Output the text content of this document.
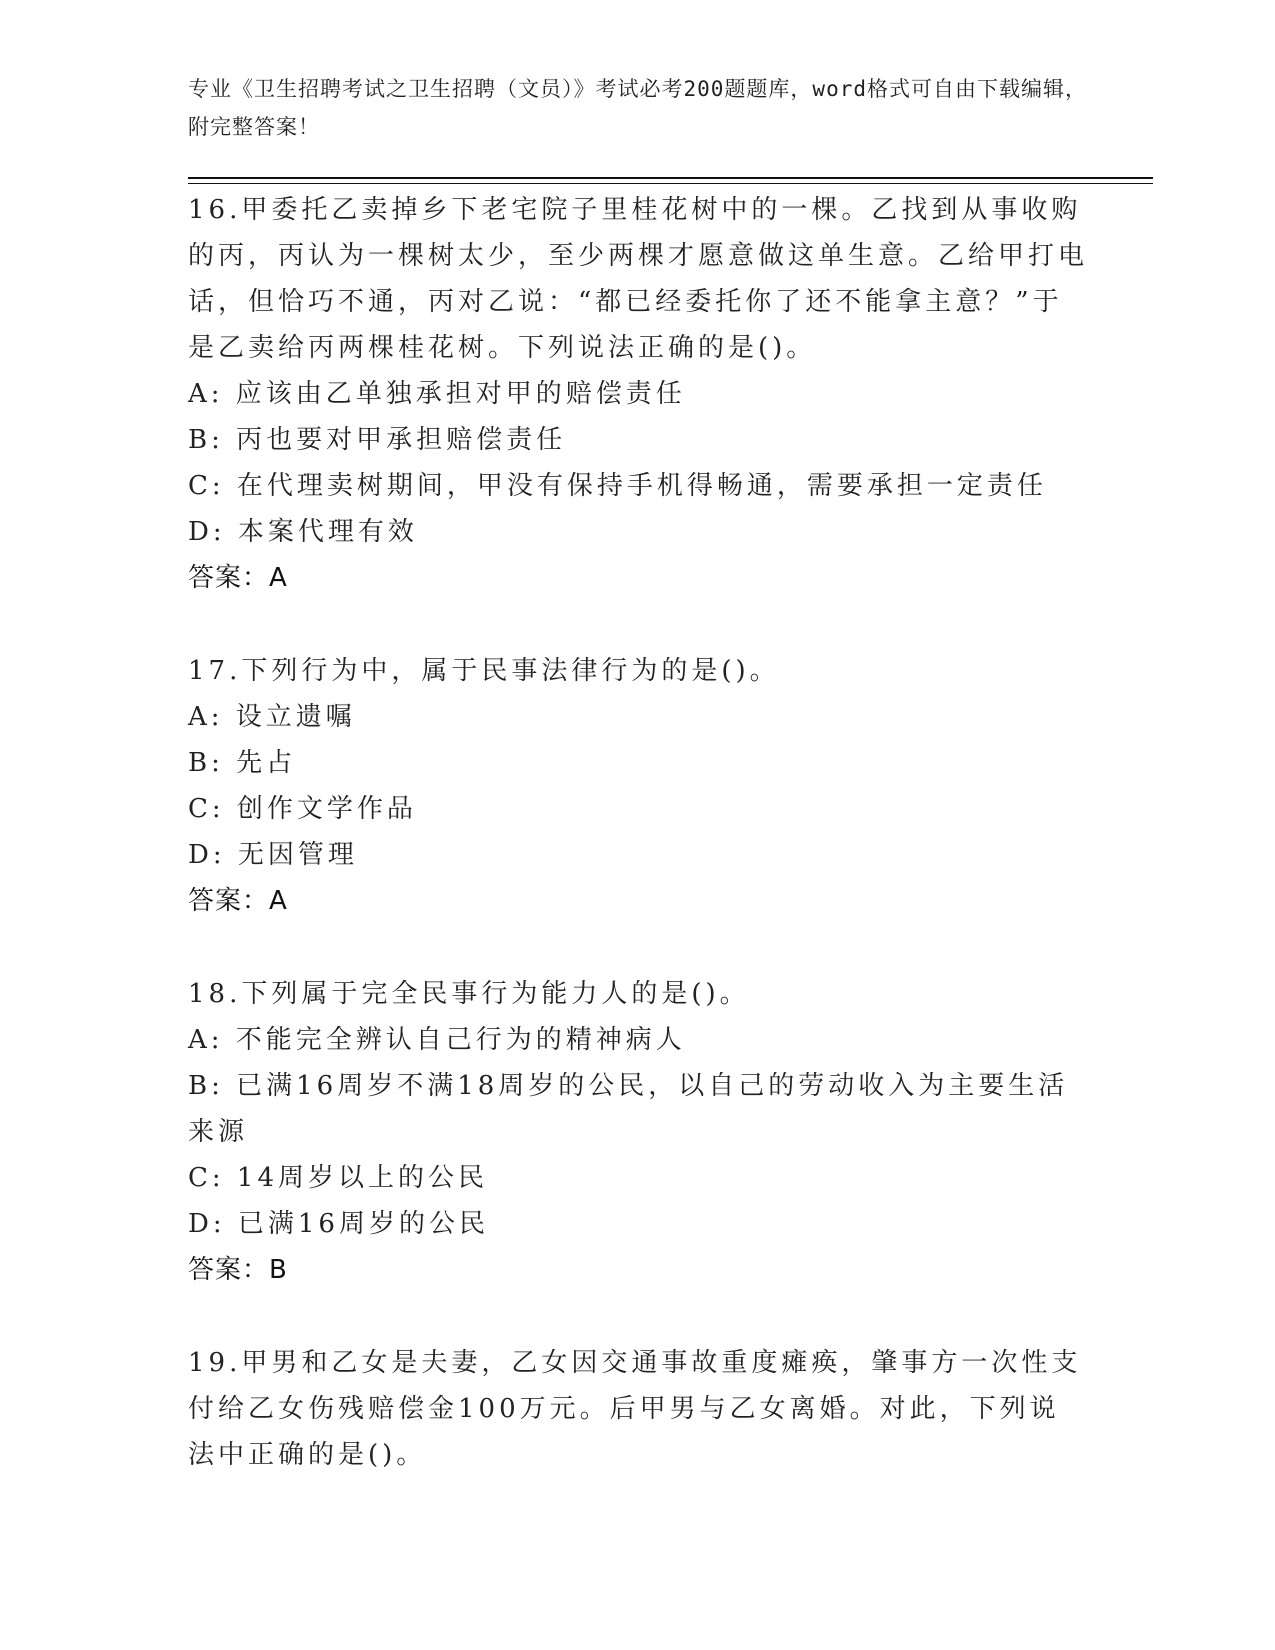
专业《卫生招聘考试之卫生招聘（文员）》考试必考200题题库，word格式可自由下载编辑，附完整答案！
16.甲委托乙卖掉乡下老宅院子里桂花树中的一棵。乙找到从事收购的丙，丙认为一棵树太少，至少两棵才愿意做这单生意。乙给甲打电话，但恰巧不通，丙对乙说：“都已经委托你了还不能拿主意？”于是乙卖给丙两棵桂花树。下列说法正确的是()。
A: 应该由乙单独承担对甲的赔偿责任
B: 丙也要对甲承担赔偿责任
C: 在代理卖树期间，甲没有保持手机得畅通，需要承担一定责任
D: 本案代理有效
答案：A
17.下列行为中，属于民事法律行为的是()。
A: 设立遗嘱
B: 先占
C: 创作文学作品
D: 无因管理
答案：A
18.下列属于完全民事行为能力人的是()。
A: 不能完全辨认自己行为的精神病人
B: 已满16周岁不满18周岁的公民，以自己的劳动收入为主要生活来源
C: 14周岁以上的公民
D: 已满16周岁的公民
答案：B
19.甲男和乙女是夫妻，乙女因交通事故重度瘫痪，肇事方一次性支付给乙女伤残赔偿金100万元。后甲男与乙女离婚。对此，下列说法中正确的是()。
